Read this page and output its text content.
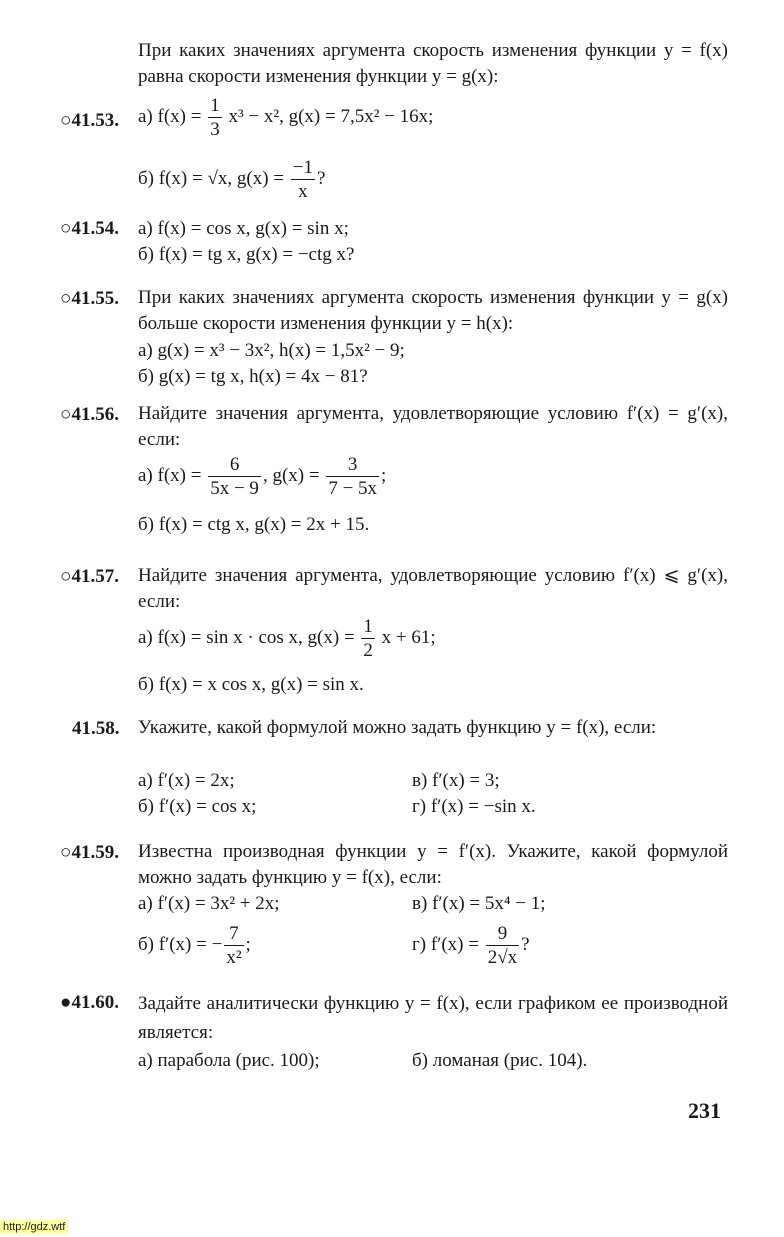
При каких значениях аргумента скорость изменения функции y = f(x) равна скорости изменения функции y = g(x):
○41.53. а) $f(x) = \frac{1}{3} x^3 - x^2$, g(x) = 7,5x² − 16x;
б) f(x) = √x, $g(x) = \frac{-1}{x}$ ?
○41.54. а) f(x) = cos x, g(x) = sin x;
б) f(x) = tg x, g(x) = −ctg x?
○41.55. При каких значениях аргумента скорость изменения функции y = g(x) больше скорости изменения функции y = h(x):
а) g(x) = x³ − 3x², h(x) = 1,5x² − 9;
б) g(x) = tg x, h(x) = 4x − 81?
○41.56. Найдите значения аргумента, удовлетворяющие условию f′(x) = g′(x), если:
а) $f(x) = \frac{6}{5x - 9}$ , $g(x) = \frac{3}{7 - 5x}$ ;
б) f(x) = ctg x, g(x) = 2x + 15.
○41.57. Найдите значения аргумента, удовлетворяющие условию f′(x) ⩽ g′(x), если:
а) f(x) = sin x · cos x, $g(x) = \frac{1}{2}$ x + 61;
б) f(x) = x cos x, g(x) = sin x.
41.58. Укажите, какой формулой можно задать функцию y = f(x), если:
а) f′(x) = 2x;	в) f′(x) = 3;
б) f′(x) = cos x;	г) f′(x) = −sin x.
○41.59. Известна производная функции y = f′(x). Укажите, какой формулой можно задать функцию y = f(x), если:
а) f′(x) = 3x² + 2x;	в) f′(x) = 5x⁴ − 1;
б) f′(x) = − $\frac{7}{\text{x²}}$ ;	г) $f'(x) = \frac{9}{2√x}$ ?
●41.60. Задайте аналитически функцию y = f(x), если графиком ее производной является:
а) парабола (рис. 100);	б) ломаная (рис. 104).
231
http://gdz.wtf
